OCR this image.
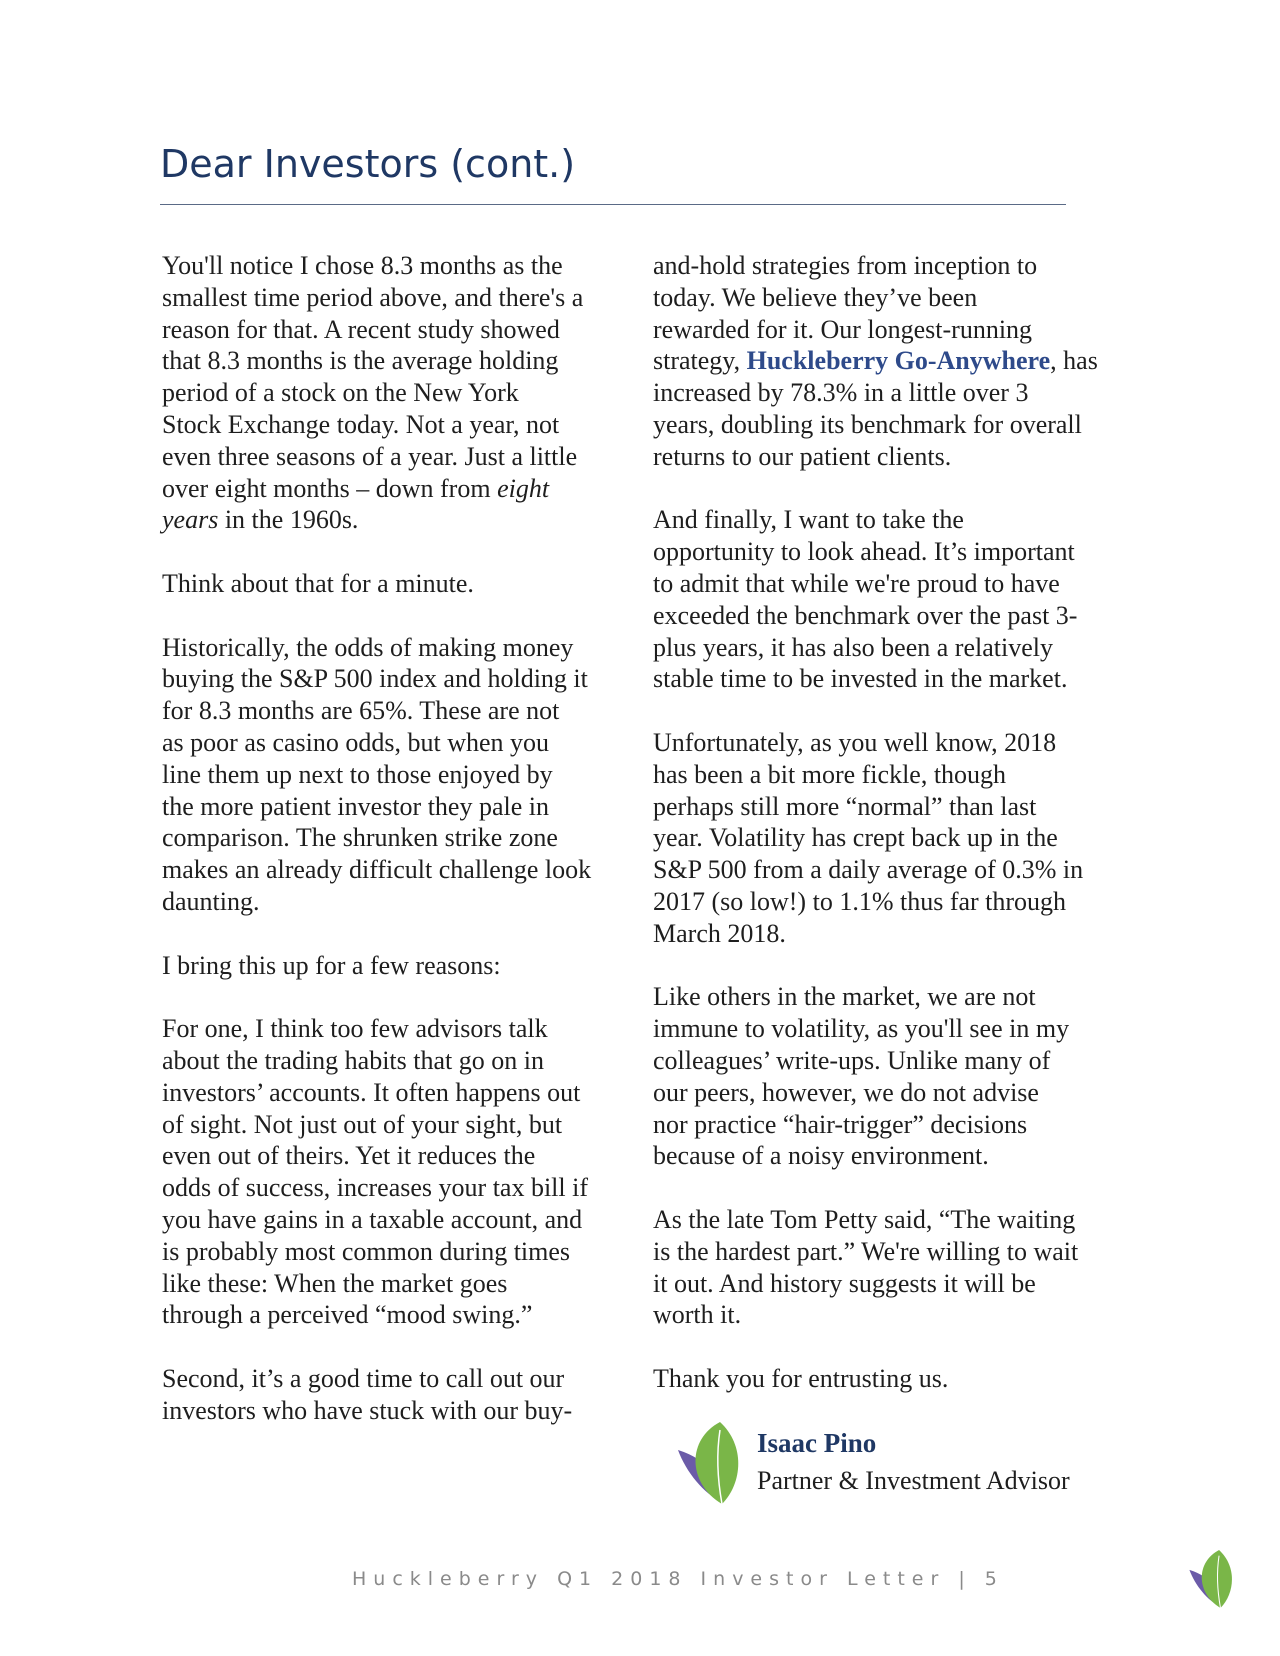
Dear Investors (cont.)

You'll notice I chose 8.3 months as the
smallest time period above, and there's a
reason for that. A recent study showed
that 8.3 months is the average holding
period of a stock on the New York
Stock Exchange today. Not a year, not
even three seasons of a year. Just a little
over eight months – down from eight
years in the 1960s.

Think about that for a minute.

Historically, the odds of making money
buying the S&P 500 index and holding it
for 8.3 months are 65%. These are not
as poor as casino odds, but when you
line them up next to those enjoyed by
the more patient investor they pale in
comparison. The shrunken strike zone
makes an already difficult challenge look
daunting.

I bring this up for a few reasons:

For one, I think too few advisors talk
about the trading habits that go on in
investors’ accounts. It often happens out
of sight. Not just out of your sight, but
even out of theirs. Yet it reduces the
odds of success, increases your tax bill if
you have gains in a taxable account, and
is probably most common during times
like these: When the market goes
through a perceived “mood swing.”

Second, it’s a good time to call out our
investors who have stuck with our buy-

and-hold strategies from inception to
today. We believe they’ve been
rewarded for it. Our longest-running
strategy, Huckleberry Go-Anywhere, has
increased by 78.3% in a little over 3
years, doubling its benchmark for overall
returns to our patient clients.

And finally, I want to take the
opportunity to look ahead. It’s important
to admit that while we're proud to have
exceeded the benchmark over the past 3-
plus years, it has also been a relatively
stable time to be invested in the market.

Unfortunately, as you well know, 2018
has been a bit more fickle, though
perhaps still more “normal” than last
year. Volatility has crept back up in the
S&P 500 from a daily average of 0.3% in
2017 (so low!) to 1.1% thus far through
March 2018.

Like others in the market, we are not
immune to volatility, as you'll see in my
colleagues’ write-ups. Unlike many of
our peers, however, we do not advise
nor practice “hair-trigger” decisions
because of a noisy environment.

As the late Tom Petty said, “The waiting
is the hardest part.” We're willing to wait
it out. And history suggests it will be
worth it.

Thank you for entrusting us.

Isaac Pino
Partner & Investment Advisor
Huckleberry Q1 2018 Investor Letter | 5
